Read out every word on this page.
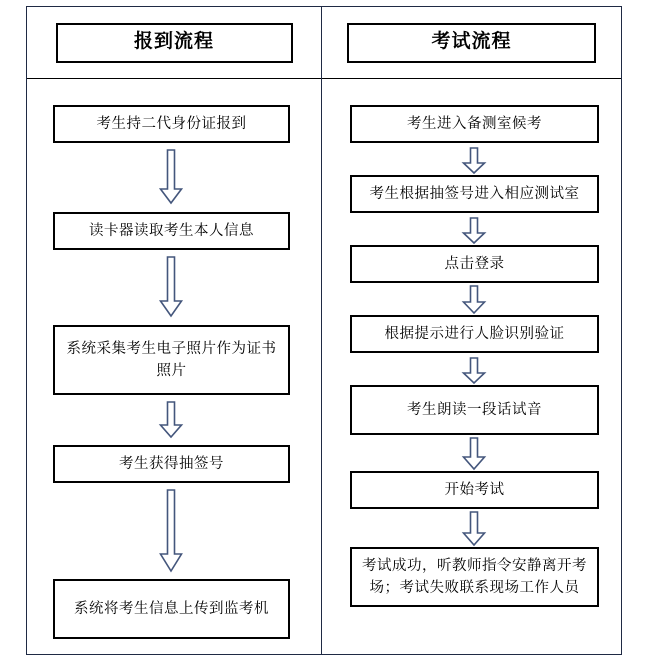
报到流程
考生持二代身份证报到
读卡器读取考生本人信息
系统采集考生电子照片作为证书照片
考生获得抽签号
系统将考生信息上传到监考机
考试流程
考生进入备测室候考
考生根据抽签号进入相应测试室
点击登录
根据提示进行人脸识别验证
考生朗读一段话试音
开始考试
考试成功，听教师指令安静离开考场；考试失败联系现场工作人员
